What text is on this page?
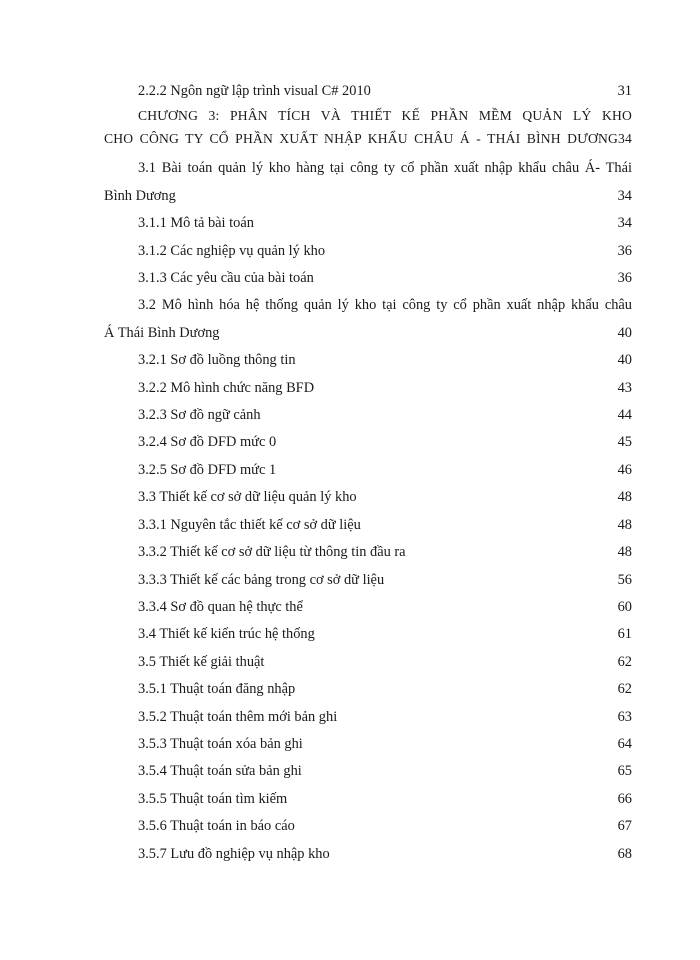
2.2.2 Ngôn ngữ lập trình visual C# 2010 .....	31
CHƯƠNG 3: PHÂN TÍCH VÀ THIẾT KẾ PHẦN MỀM QUẢN LÝ KHO
CHO CÔNG TY CỔ PHẦN XUẤT NHẬP KHẨU CHÂU Á - THÁI BÌNH DƯƠNG 34
3.1 Bài toán quản lý kho hàng tại công ty cổ phần xuất nhập khẩu châu Á- Thái
Bình Dương .....	34
3.1.1 Mô tả bài toán .....	34
3.1.2 Các nghiệp vụ quản lý kho .....	36
3.1.3 Các yêu cầu của bài toán .....	36
3.2 Mô hình hóa hệ thống quản lý kho tại công ty cổ phần xuất nhập khẩu châu
Á Thái Bình Dương .....	40
3.2.1 Sơ đồ luồng thông tin .....	40
3.2.2 Mô hình chức năng BFD .....	43
3.2.3 Sơ đồ ngữ cảnh .....	44
3.2.4 Sơ đồ DFD mức 0 .....	45
3.2.5 Sơ đồ DFD mức 1 .....	46
3.3 Thiết kế cơ sở dữ liệu quản lý kho .....	48
3.3.1 Nguyên tắc thiết kế cơ sở dữ liệu .....	48
3.3.2 Thiết kế cơ sở dữ liệu từ thông tin đầu ra .....	48
3.3.3 Thiết kế các bảng trong cơ sở dữ liệu .....	56
3.3.4 Sơ đồ quan hệ thực thể .....	60
3.4 Thiết kế kiến trúc hệ thống .....	61
3.5 Thiết kế giải thuật .....	62
3.5.1 Thuật toán đăng nhập .....	62
3.5.2 Thuật toán thêm mới bản ghi .....	63
3.5.3 Thuật toán xóa bản ghi .....	64
3.5.4 Thuật toán sửa bản ghi .....	65
3.5.5 Thuật toán tìm kiếm .....	66
3.5.6 Thuật toán in báo cáo .....	67
3.5.7 Lưu đồ nghiệp vụ nhập kho .....	68
